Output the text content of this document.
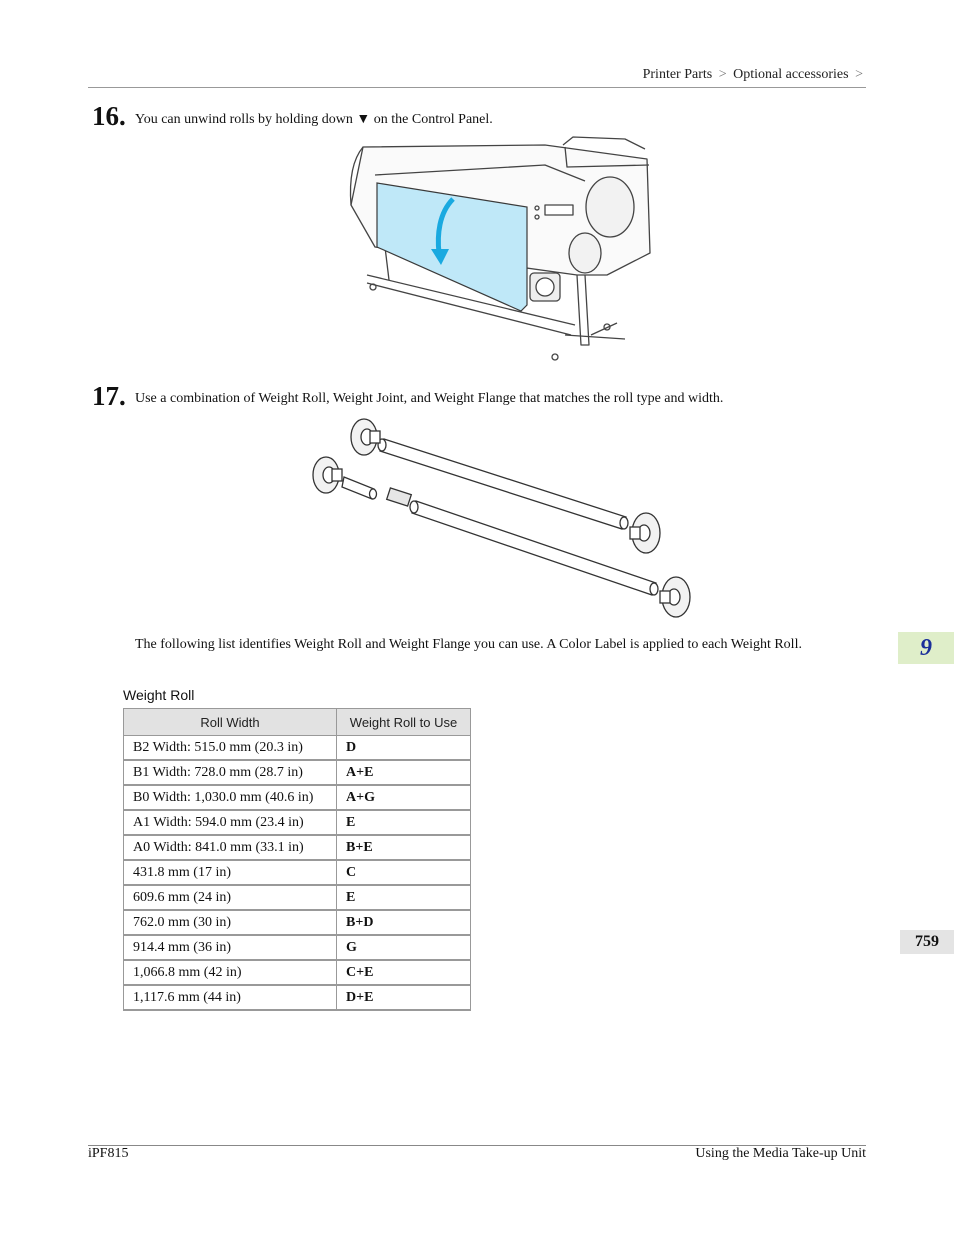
Printer Parts > Optional accessories >
16. You can unwind rolls by holding down ▼ on the Control Panel.
17. Use a combination of Weight Roll, Weight Joint, and Weight Flange that matches the roll type and width.
The following list identifies Weight Roll and Weight Flange you can use. A Color Label is applied to each Weight Roll.
Weight Roll
Roll Width	Weight Roll to Use
B2 Width: 515.0 mm (20.3 in)	D
B1 Width: 728.0 mm (28.7 in)	A+E
B0 Width: 1,030.0 mm (40.6 in)	A+G
A1 Width: 594.0 mm (23.4 in)	E
A0 Width: 841.0 mm (33.1 in)	B+E
431.8 mm (17 in)	C
609.6 mm (24 in)	E
762.0 mm (30 in)	B+D
914.4 mm (36 in)	G
1,066.8 mm (42 in)	C+E
1,117.6 mm (44 in)	D+E
9
759
iPF815	Using the Media Take-up Unit
